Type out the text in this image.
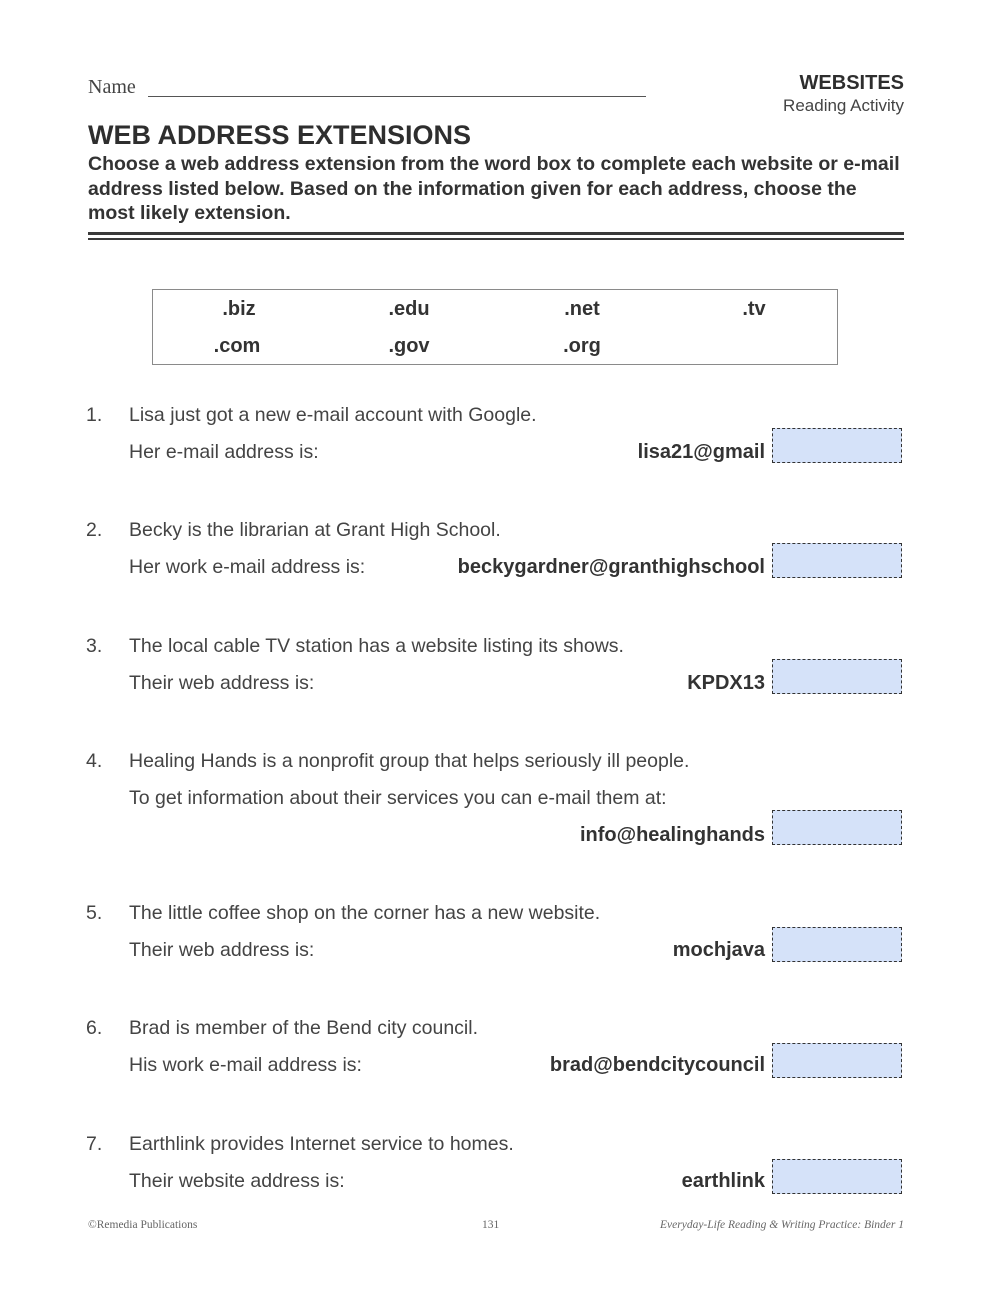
Name	WEBSITES
Reading Activity
WEB ADDRESS EXTENSIONS
Choose a web address extension from the word box to complete each website or e-mail address listed below. Based on the information given for each address, choose the most likely extension.
.biz	.edu	.net	.tv
.com	.gov	.org
1.	Lisa just got a new e-mail account with Google.
Her e-mail address is:	lisa21@gmail
2.	Becky is the librarian at Grant High School.
Her work e-mail address is:	beckygardner@granthighschool
3.	The local cable TV station has a website listing its shows.
Their web address is:	KPDX13
4.	Healing Hands is a nonprofit group that helps seriously ill people.
To get information about their services you can e-mail them at:
info@healinghands
5.	The little coffee shop on the corner has a new website.
Their web address is:	mochjava
6.	Brad is member of the Bend city council.
His work e-mail address is:	brad@bendcitycouncil
7.	Earthlink provides Internet service to homes.
Their website address is:	earthlink
©Remedia Publications	131	Everyday-Life Reading & Writing Practice: Binder 1
